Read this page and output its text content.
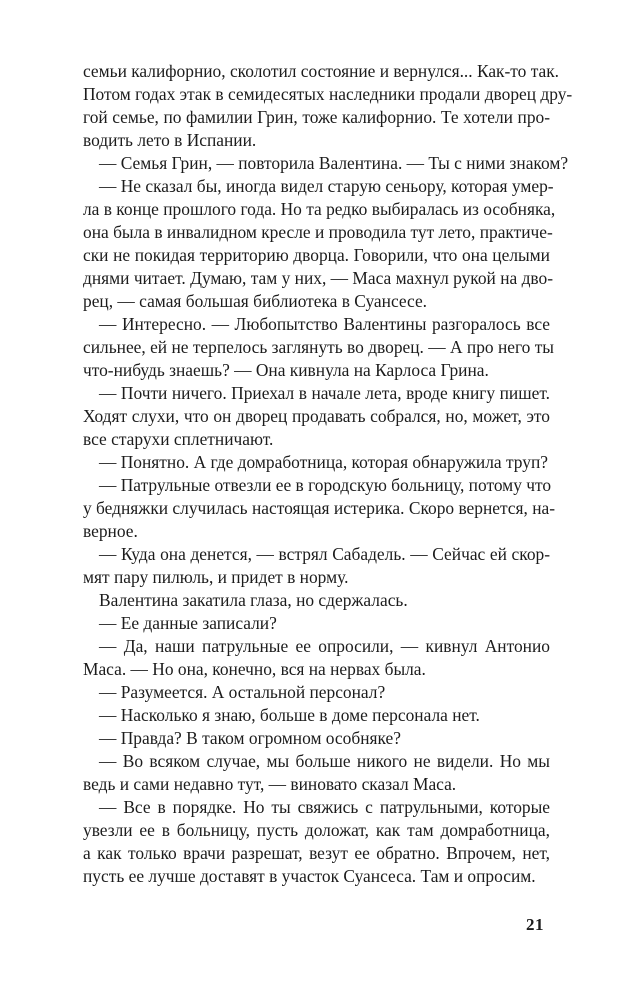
семьи калифорнио, сколотил состояние и вернулся... Как-то так.
Потом годах этак в семидесятых наследники продали дворец дру-
гой семье, по фамилии Грин, тоже калифорнио. Те хотели про-
водить лето в Испании.
— Семья Грин, — повторила Валентина. — Ты с ними знаком?
— Не сказал бы, иногда видел старую сеньору, которая умер-
ла в конце прошлого года. Но та редко выбиралась из особняка,
она была в инвалидном кресле и проводила тут лето, практиче-
ски не покидая территорию дворца. Говорили, что она целыми
днями читает. Думаю, там у них, — Маса махнул рукой на дво-
рец, — самая большая библиотека в Суансесе.
— Интересно. — Любопытство Валентины разгоралось все
сильнее, ей не терпелось заглянуть во дворец. — А про него ты
что-нибудь знаешь? — Она кивнула на Карлоса Грина.
— Почти ничего. Приехал в начале лета, вроде книгу пишет.
Ходят слухи, что он дворец продавать собрался, но, может, это
все старухи сплетничают.
— Понятно. А где домработница, которая обнаружила труп?
— Патрульные отвезли ее в городскую больницу, потому что
у бедняжки случилась настоящая истерика. Скоро вернется, на-
верное.
— Куда она денется, — встрял Сабадель. — Сейчас ей скор-
мят пару пилюль, и придет в норму.
Валентина закатила глаза, но сдержалась.
— Ее данные записали?
— Да, наши патрульные ее опросили, — кивнул Антонио
Маса. — Но она, конечно, вся на нервах была.
— Разумеется. А остальной персонал?
— Насколько я знаю, больше в доме персонала нет.
— Правда? В таком огромном особняке?
— Во всяком случае, мы больше никого не видели. Но мы
ведь и сами недавно тут, — виновато сказал Маса.
— Все в порядке. Но ты свяжись с патрульными, которые
увезли ее в больницу, пусть доложат, как там домработница,
а как только врачи разрешат, везут ее обратно. Впрочем, нет,
пусть ее лучше доставят в участок Суансеса. Там и опросим.
21
